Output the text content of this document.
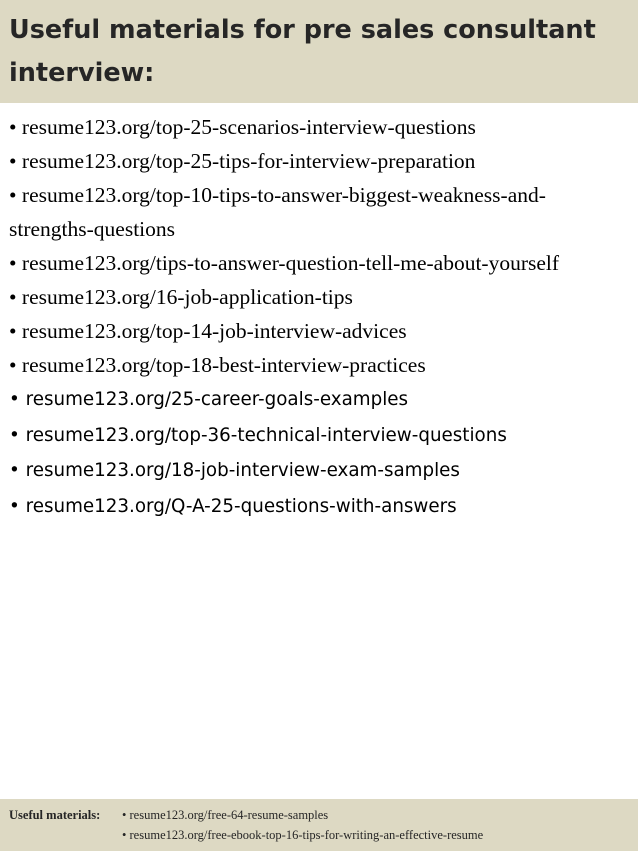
Useful materials for pre sales consultant interview:
• resume123.org/top-25-scenarios-interview-questions
• resume123.org/top-25-tips-for-interview-preparation
• resume123.org/top-10-tips-to-answer-biggest-weakness-and-strengths-questions
• resume123.org/tips-to-answer-question-tell-me-about-yourself
• resume123.org/16-job-application-tips
• resume123.org/top-14-job-interview-advices
• resume123.org/top-18-best-interview-practices
• resume123.org/25-career-goals-examples
• resume123.org/top-36-technical-interview-questions
• resume123.org/18-job-interview-exam-samples
• resume123.org/Q-A-25-questions-with-answers
Useful materials: • resume123.org/free-64-resume-samples
• resume123.org/free-ebook-top-16-tips-for-writing-an-effective-resume
